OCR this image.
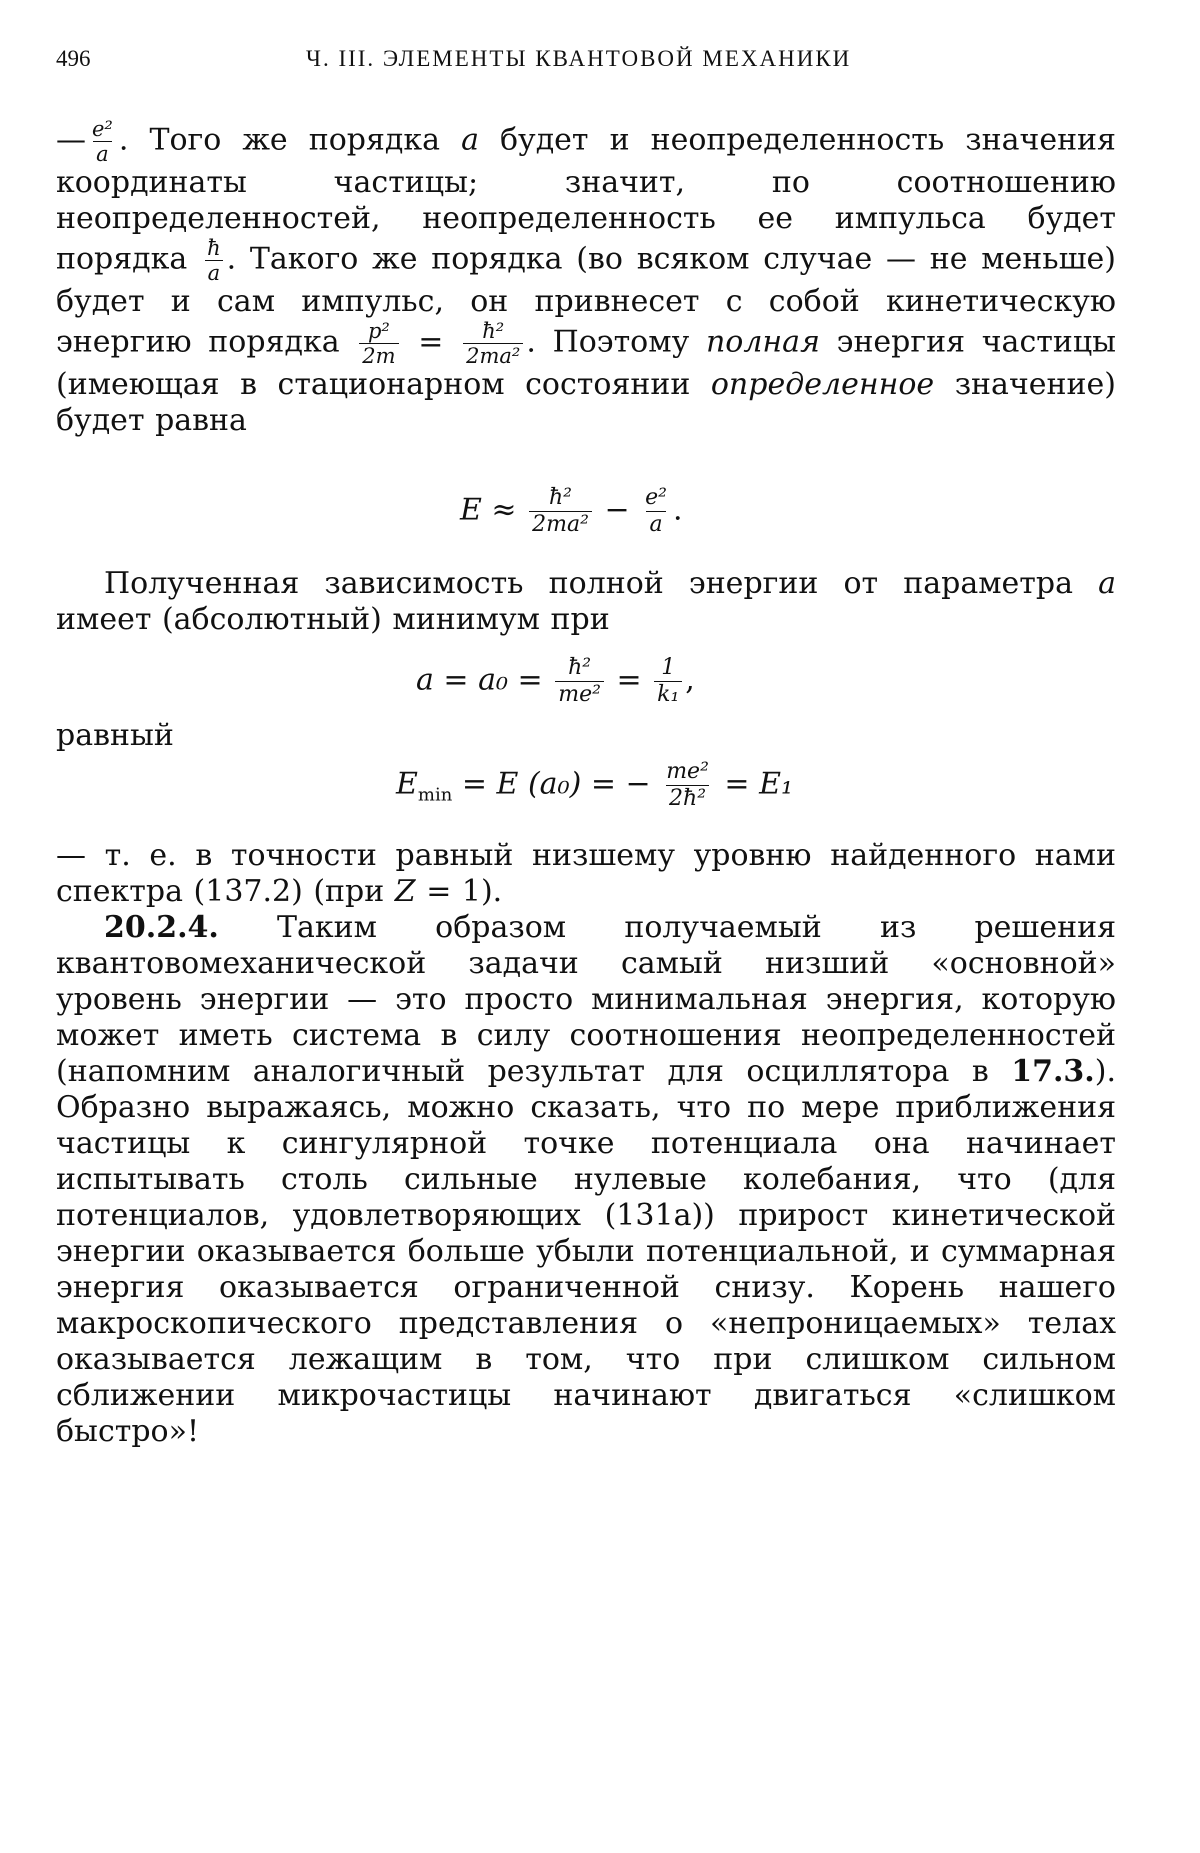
496	Ч. III. ЭЛЕМЕНТЫ КВАНТОВОЙ МЕХАНИКИ
— $\frac{\text{e²}}{a}$ . Того же порядка a будет и неопределенность значения координаты частицы; значит, по соотношению неопределенностей, неопределенность ее импульса будет порядка $\frac{ħ}{a}$ . Такого же порядка (во всяком случае — не меньше) будет и сам импульс, он привнесет с собой кинетическую энергию порядка $\frac{\text{p²}}{2m} = \frac{\text{ħ²}}{\text{2ma²}}$ . Поэтому полная энергия частицы (имеющая в стационарном состоянии определенное значение) будет равна
$E \approx \frac{\text{ħ²}}{\text{2ma²}} - \frac{\text{e²}}{a}$ .
Полученная зависимость полной энергии от параметра a имеет (абсолютный) минимум при
$a = a_0 = \frac{\text{ħ²}}{\text{me²}} = \frac{1}{\text{k₁}}$ ,
равный
$E_{min} = E$ (a₀) = − $\frac{\text{me²}}{\text{2ħ²}} = E_1$
— т. е. в точности равный низшему уровню найденного нами спектра (137.2) (при Z = 1).
20.2.4. Таким образом получаемый из решения квантовомеханической задачи самый низший «основной» уровень энергии — это просто минимальная энергия, которую может иметь система в силу соотношения неопределенностей (напомним аналогичный результат для осциллятора в 17.3.). Образно выражаясь, можно сказать, что по мере приближения частицы к сингулярной точке потенциала она начинает испытывать столь сильные нулевые колебания, что (для потенциалов, удовлетворяющих (131а)) прирост кинетической энергии оказывается больше убыли потенциальной, и суммарная энергия оказывается ограниченной снизу. Корень нашего макроскопического представления о «непроницаемых» телах оказывается лежащим в том, что при слишком сильном сближении микрочастицы начинают двигаться «слишком быстро»!
